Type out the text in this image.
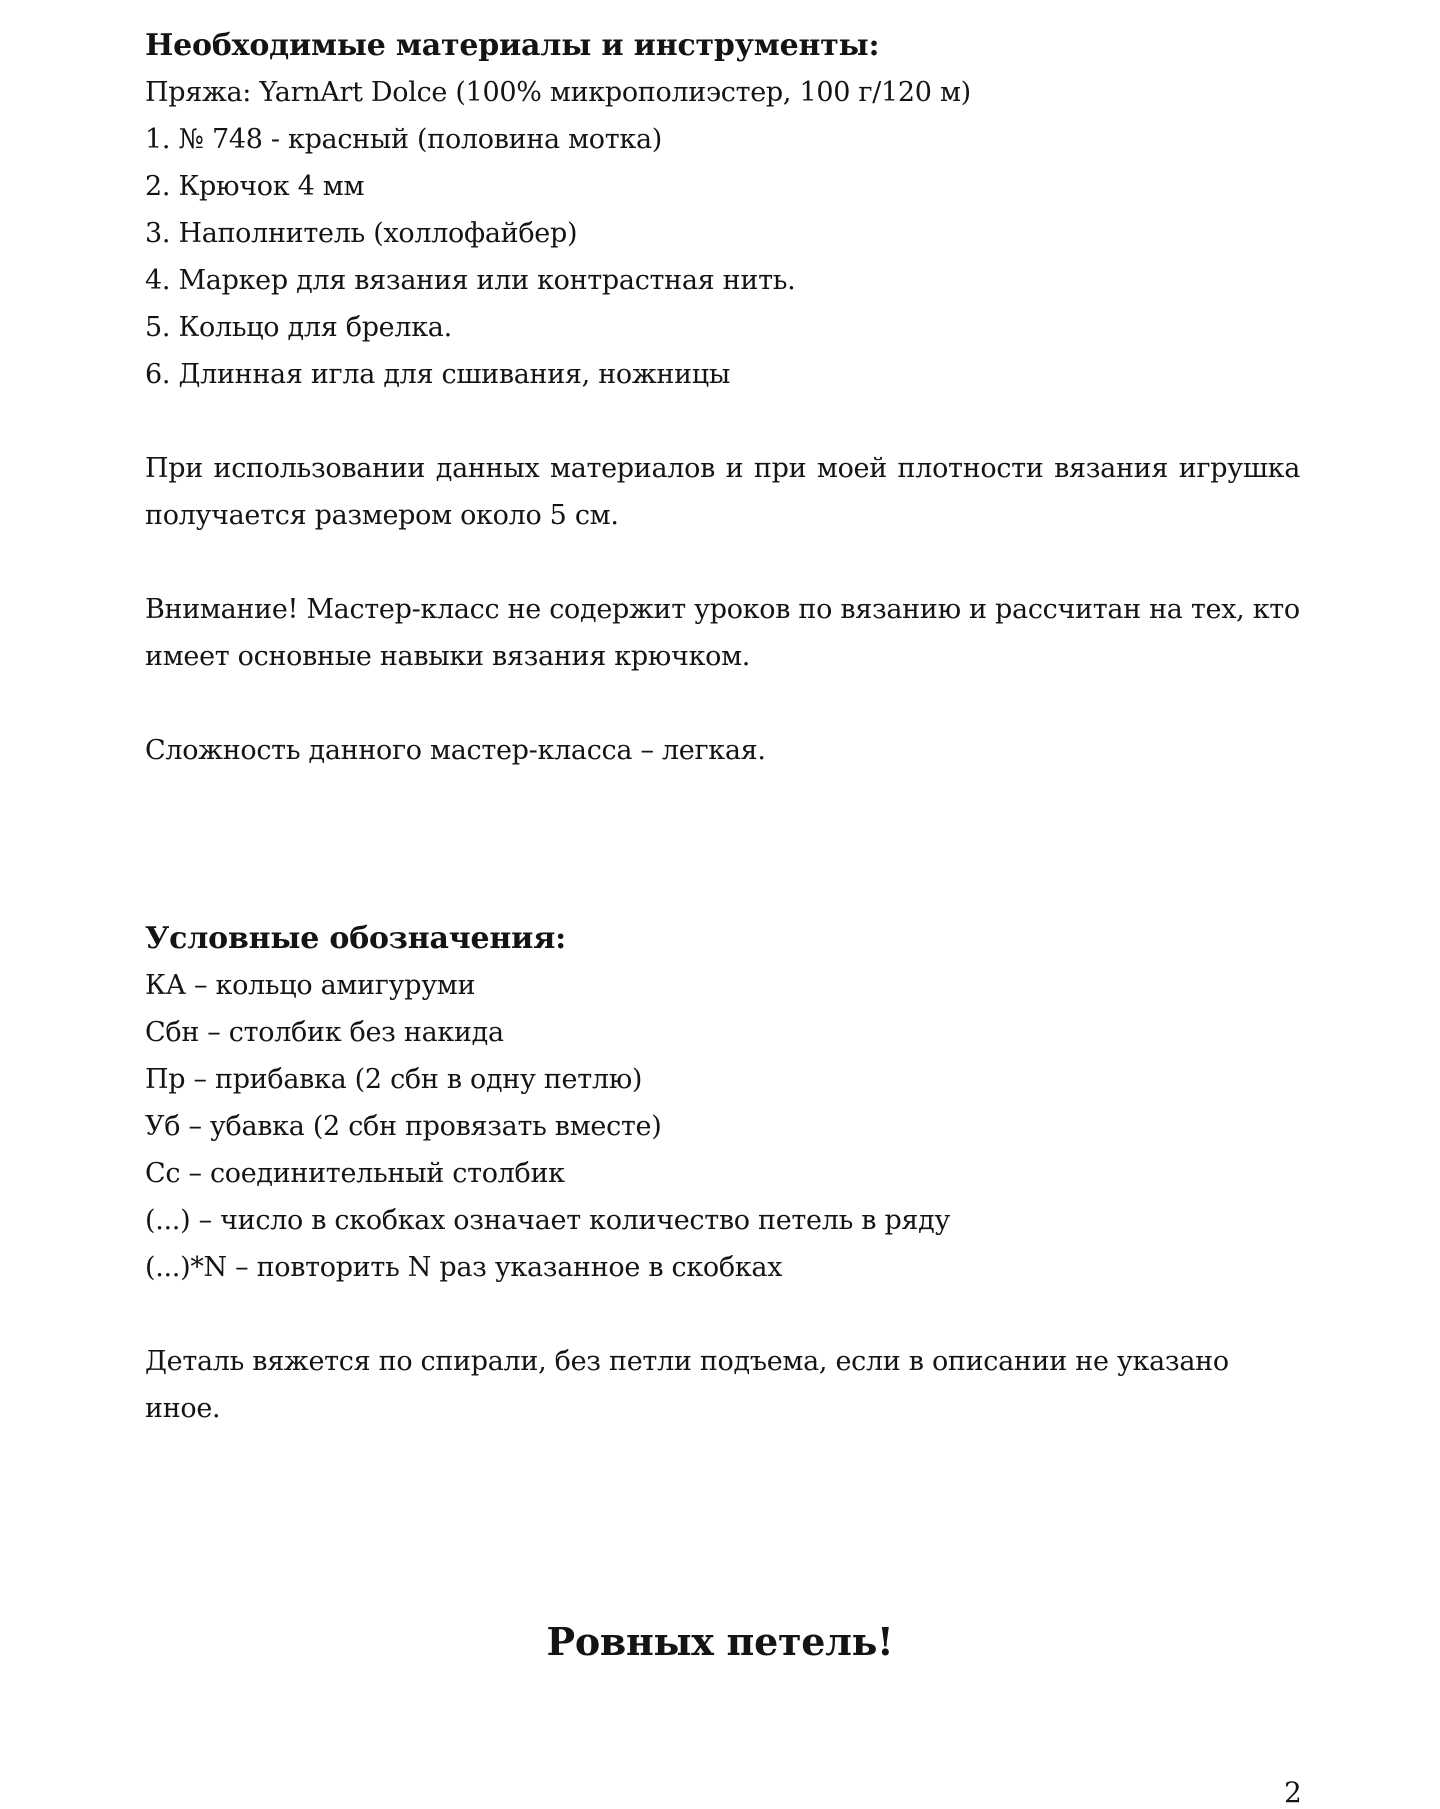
Необходимые материалы и инструменты:

Пряжа: YarnArt Dolce (100% микрополиэстер, 100 г/120 м)

1. № 748 - красный (половина мотка)

2. Крючок 4 мм

3. Наполнитель (холлофайбер)

4. Маркер для вязания или контрастная нить.

5. Кольцо для брелка.

6. Длинная игла для сшивания, ножницы

При использовании данных материалов и при моей плотности вязания игрушка получается размером около 5 см.

Внимание! Мастер-класс не содержит уроков по вязанию и рассчитан на тех, кто имеет основные навыки вязания крючком.

Сложность данного мастер-класса – легкая.

Условные обозначения:

КА – кольцо амигуруми

Сбн – столбик без накида

Пр – прибавка (2 сбн в одну петлю)

Уб – убавка (2 сбн провязать вместе)

Сс – соединительный столбик

(...) – число в скобках означает количество петель в ряду

(...)*N – повторить N раз указанное в скобках

Деталь вяжется по спирали, без петли подъема, если в описании не указано иное.

Ровных петель!

2
